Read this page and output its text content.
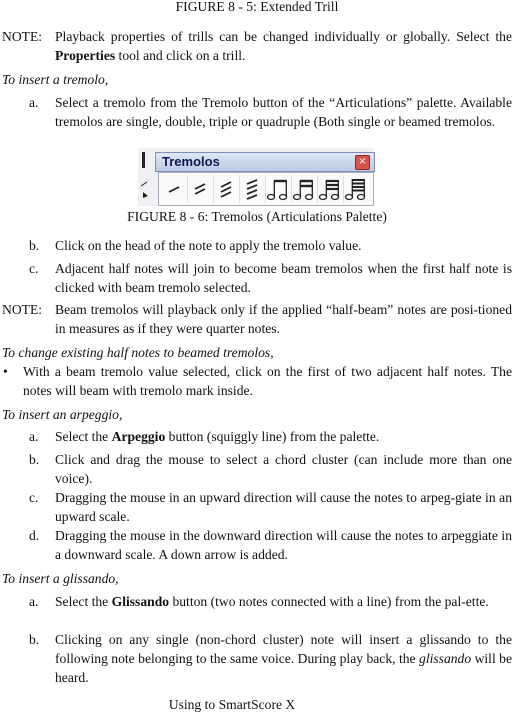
FIGURE 8 - 5: Extended Trill
NOTE: Playback properties of trills can be changed individually or globally. Select the Properties tool and click on a trill.
To insert a tremolo,
a. Select a tremolo from the Tremolo button of the “Articulations” palette. Available tremolos are single, double, triple or quadruple (Both single or beamed tremolos.
Tremolos	×
FIGURE 8 - 6: Tremolos (Articulations Palette)
b. Click on the head of the note to apply the tremolo value.
c. Adjacent half notes will join to become beam tremolos when the first half note is clicked with beam tremolo selected.
NOTE: Beam tremolos will playback only if the applied “half-beam” notes are posi-tioned in measures as if they were quarter notes.
To change existing half notes to beamed tremolos,
• With a beam tremolo value selected, click on the first of two adjacent half notes. The notes will beam with tremolo mark inside.
To insert an arpeggio,
a. Select the Arpeggio button (squiggly line) from the palette.
b. Click and drag the mouse to select a chord cluster (can include more than one voice).
c. Dragging the mouse in an upward direction will cause the notes to arpeg-giate in an upward scale.
d. Dragging the mouse in the downward direction will cause the notes to arpeggiate in a downward scale. A down arrow is added.
To insert a glissando,
a. Select the Glissando button (two notes connected with a line) from the pal-ette.
b. Clicking on any single (non-chord cluster) note will insert a glissando to the following note belonging to the same voice. During play back, the glissando will be heard.
Using to SmartScore X
